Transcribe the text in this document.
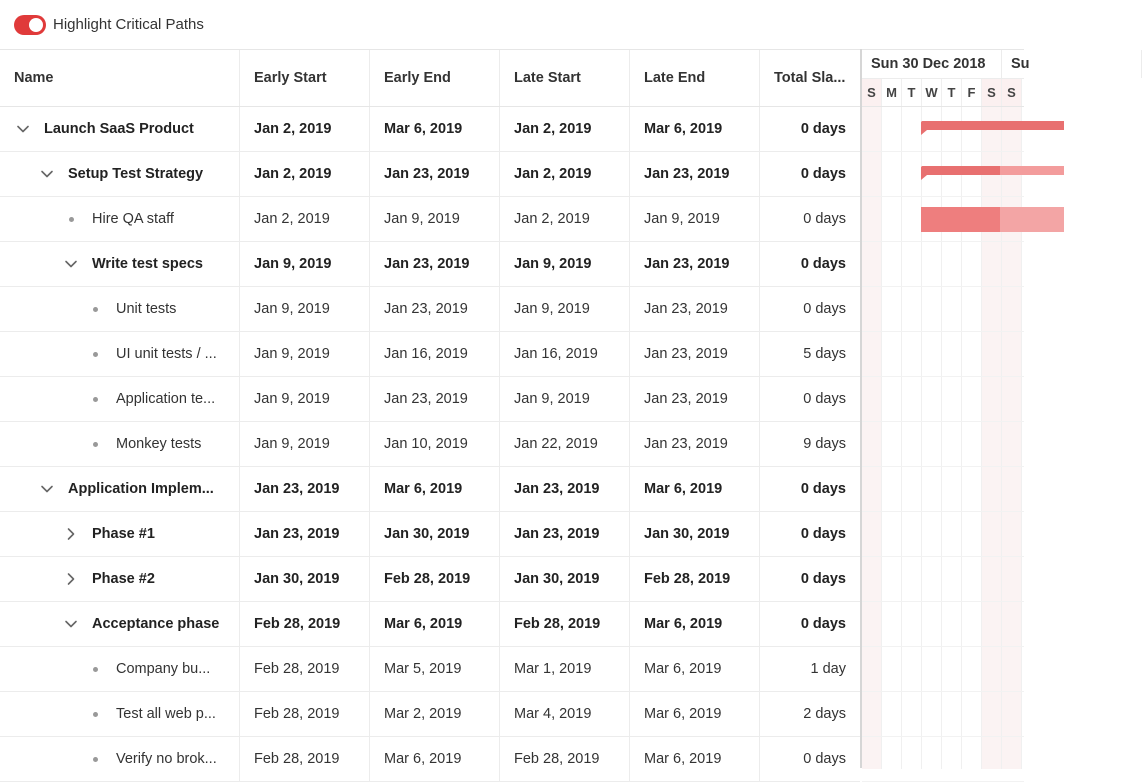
Highlight Critical Paths
Name	Early Start	Early End	Late Start	Late End	Total Sla...
Launch SaaS Product	Jan 2, 2019	Mar 6, 2019	Jan 2, 2019	Mar 6, 2019	0 days
Setup Test Strategy	Jan 2, 2019	Jan 23, 2019	Jan 2, 2019	Jan 23, 2019	0 days
Hire QA staff	Jan 2, 2019	Jan 9, 2019	Jan 2, 2019	Jan 9, 2019	0 days
Write test specs	Jan 9, 2019	Jan 23, 2019	Jan 9, 2019	Jan 23, 2019	0 days
Unit tests	Jan 9, 2019	Jan 23, 2019	Jan 9, 2019	Jan 23, 2019	0 days
UI unit tests / ...	Jan 9, 2019	Jan 16, 2019	Jan 16, 2019	Jan 23, 2019	5 days
Application te...	Jan 9, 2019	Jan 23, 2019	Jan 9, 2019	Jan 23, 2019	0 days
Monkey tests	Jan 9, 2019	Jan 10, 2019	Jan 22, 2019	Jan 23, 2019	9 days
Application Implem...	Jan 23, 2019	Mar 6, 2019	Jan 23, 2019	Mar 6, 2019	0 days
Phase #1	Jan 23, 2019	Jan 30, 2019	Jan 23, 2019	Jan 30, 2019	0 days
Phase #2	Jan 30, 2019	Feb 28, 2019	Jan 30, 2019	Feb 28, 2019	0 days
Acceptance phase	Feb 28, 2019	Mar 6, 2019	Feb 28, 2019	Mar 6, 2019	0 days
Company bu...	Feb 28, 2019	Mar 5, 2019	Mar 1, 2019	Mar 6, 2019	1 day
Test all web p...	Feb 28, 2019	Mar 2, 2019	Mar 4, 2019	Mar 6, 2019	2 days
Verify no brok...	Feb 28, 2019	Mar 6, 2019	Feb 28, 2019	Mar 6, 2019	0 days
Sun 30 Dec 2018	Su
S M T W T F S S
